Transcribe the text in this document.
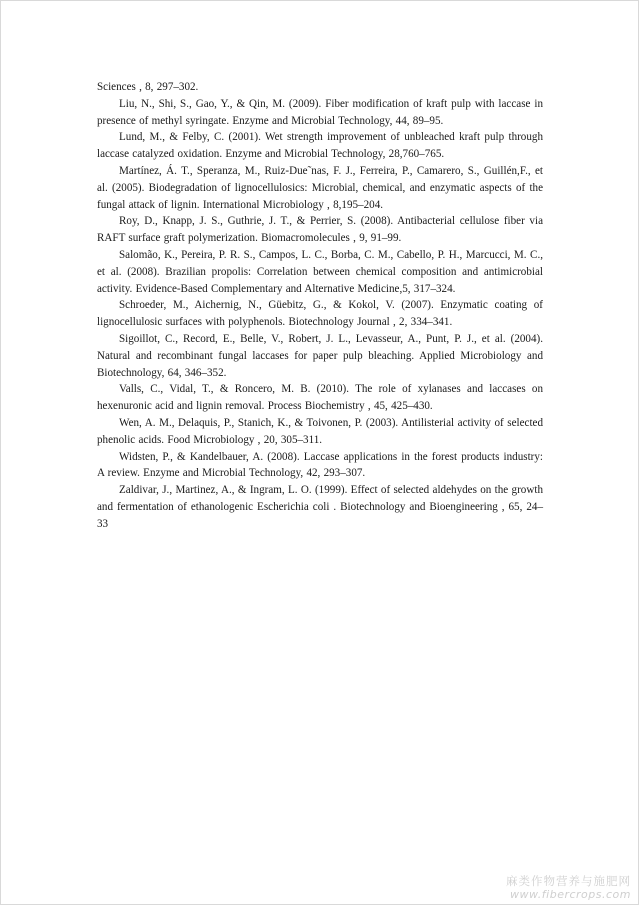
Sciences , 8, 297–302.

Liu, N., Shi, S., Gao, Y., & Qin, M. (2009). Fiber modification of kraft pulp with laccase in presence of methyl syringate. Enzyme and Microbial Technology, 44, 89–95.

Lund, M., & Felby, C. (2001). Wet strength improvement of unbleached kraft pulp through laccase catalyzed oxidation. Enzyme and Microbial Technology, 28,760–765.

Martínez, Á. T., Speranza, M., Ruiz-Due˜nas, F. J., Ferreira, P., Camarero, S., Guillén,F., et al. (2005). Biodegradation of lignocellulosics: Microbial, chemical, and enzymatic aspects of the fungal attack of lignin. International Microbiology , 8,195–204.

Roy, D., Knapp, J. S., Guthrie, J. T., & Perrier, S. (2008). Antibacterial cellulose fiber via RAFT surface graft polymerization. Biomacromolecules , 9, 91–99.

Salomão, K., Pereira, P. R. S., Campos, L. C., Borba, C. M., Cabello, P. H., Marcucci, M. C., et al. (2008). Brazilian propolis: Correlation between chemical composition and antimicrobial activity. Evidence-Based Complementary and Alternative Medicine,5, 317–324.

Schroeder, M., Aichernig, N., Güebitz, G., & Kokol, V. (2007). Enzymatic coating of lignocellulosic surfaces with polyphenols. Biotechnology Journal , 2, 334–341.

Sigoillot, C., Record, E., Belle, V., Robert, J. L., Levasseur, A., Punt, P. J., et al. (2004). Natural and recombinant fungal laccases for paper pulp bleaching. Applied Microbiology and Biotechnology, 64, 346–352.

Valls, C., Vidal, T., & Roncero, M. B. (2010). The role of xylanases and laccases on hexenuronic acid and lignin removal. Process Biochemistry , 45, 425–430.

Wen, A. M., Delaquis, P., Stanich, K., & Toivonen, P. (2003). Antilisterial activity of selected phenolic acids. Food Microbiology , 20, 305–311.

Widsten, P., & Kandelbauer, A. (2008). Laccase applications in the forest products industry: A review. Enzyme and Microbial Technology, 42, 293–307.

Zaldivar, J., Martinez, A., & Ingram, L. O. (1999). Effect of selected aldehydes on the growth and fermentation of ethanologenic Escherichia coli . Biotechnology and Bioengineering , 65, 24–33

麻类作物营养与施肥网
www.fibercrops.com
